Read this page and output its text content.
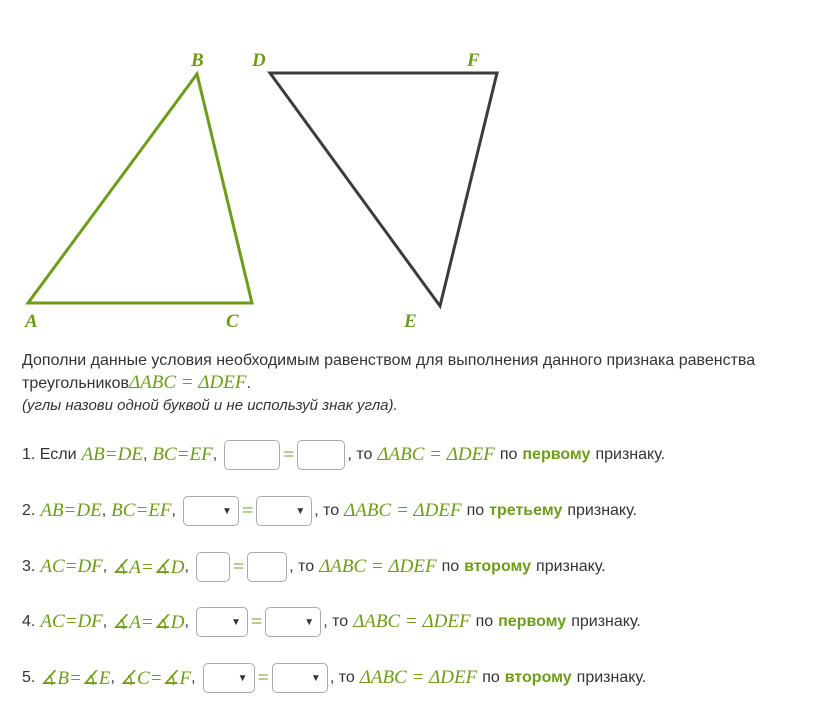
B	D	F
A	C	E
Дополни данные условия необходимым равенством для выполнения данного признака равенства треугольниковΔABC = ΔDEF.
(углы назови одной буквой и не используй знак угла).
1. Если AB=DE , BC=EF ,	=	, то ΔABC = ΔDEF по первому признаку.
2. AB=DE , BC=EF ,	▼ =	▼ , то ΔABC = ΔDEF по третьему признаку.
3. AC=DF , ∡A=∡D , =	, то ΔABC = ΔDEF по второму признаку.
4. AC=DF , ∡A=∡D ,	▼ =	▼ , то ΔABC = ΔDEF по первому признаку.
5. ∡B=∡E , ∡C=∡F ,	▼ =	▼ , то ΔABC = ΔDEF по второму признаку.
